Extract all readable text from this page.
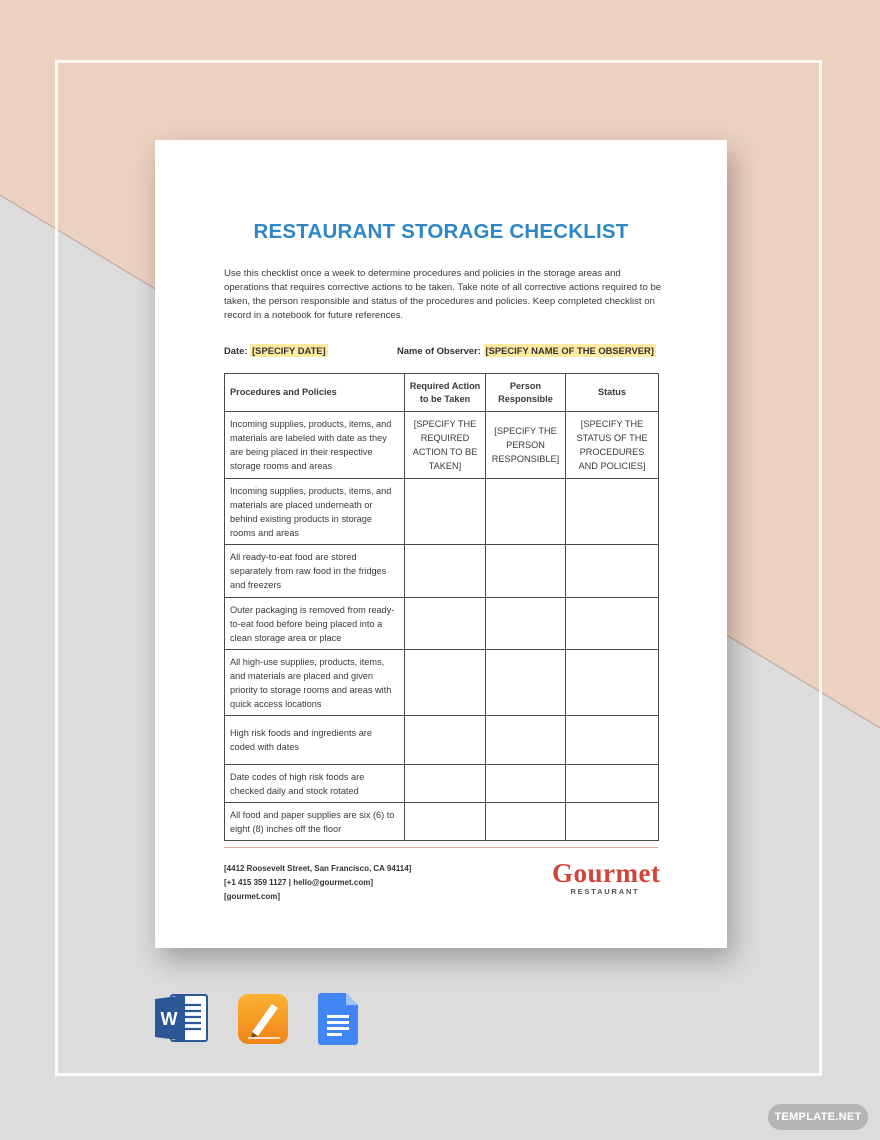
RESTAURANT STORAGE CHECKLIST

Use this checklist once a week to determine procedures and policies in the storage areas and operations that requires corrective actions to be taken. Take note of all corrective actions required to be taken, the person responsible and status of the procedures and policies. Keep completed checklist on record in a notebook for future references.

Date: [SPECIFY DATE]	Name of Observer: [SPECIFY NAME OF THE OBSERVER]
Procedures and Policies	Required Action to be Taken	Person Responsible	Status
Incoming supplies, products, items, and materials are labeled with date as they are being placed in their respective storage rooms and areas	[SPECIFY THE REQUIRED ACTION TO BE TAKEN]	[SPECIFY THE PERSON RESPONSIBLE]	[SPECIFY THE STATUS OF THE PROCEDURES AND POLICIES]
Incoming supplies, products, items, and materials are placed underneath or behind existing products in storage rooms and areas			
All ready-to-eat food are stored separately from raw food in the fridges and freezers			
Outer packaging is removed from ready-to-eat food before being placed into a clean storage area or place			
All high-use supplies, products, items, and materials are placed and given priority to storage rooms and areas with quick access locations			
High risk foods and ingredients are coded with dates			
Date codes of high risk foods are checked daily and stock rotated			
All food and paper supplies are six (6) to eight (8) inches off the floor			
[4412 Roosevelt Street, San Francisco, CA 94114]
[+1 415 359 1127 | hello@gourmet.com]
[gourmet.com]
Gourmet
RESTAURANT
W
TEMPLATE.NET
